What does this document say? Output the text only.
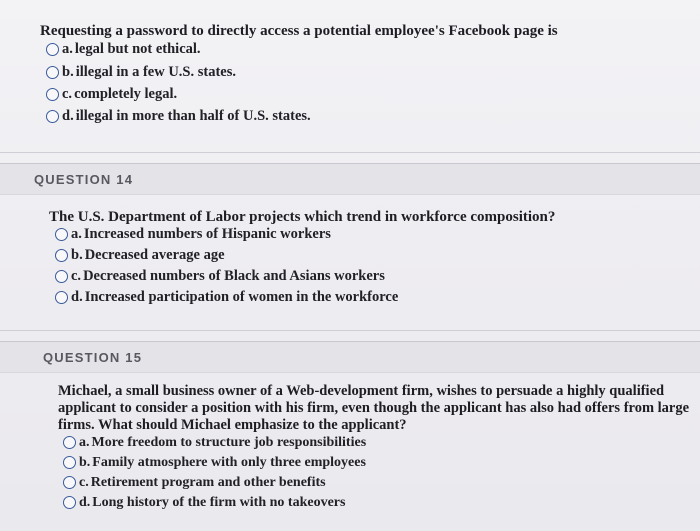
Requesting a password to directly access a potential employee's Facebook page is
a. legal but not ethical.
b. illegal in a few U.S. states.
c. completely legal.
d. illegal in more than half of U.S. states.
QUESTION 14
The U.S. Department of Labor projects which trend in workforce composition?
a. Increased numbers of Hispanic workers
b. Decreased average age
c. Decreased numbers of Black and Asians workers
d. Increased participation of women in the workforce
QUESTION 15
Michael, a small business owner of a Web-development firm, wishes to persuade a highly qualified
applicant to consider a position with his firm, even though the applicant has also had offers from large
firms. What should Michael emphasize to the applicant?
a. More freedom to structure job responsibilities
b. Family atmosphere with only three employees
c. Retirement program and other benefits
d. Long history of the firm with no takeovers
